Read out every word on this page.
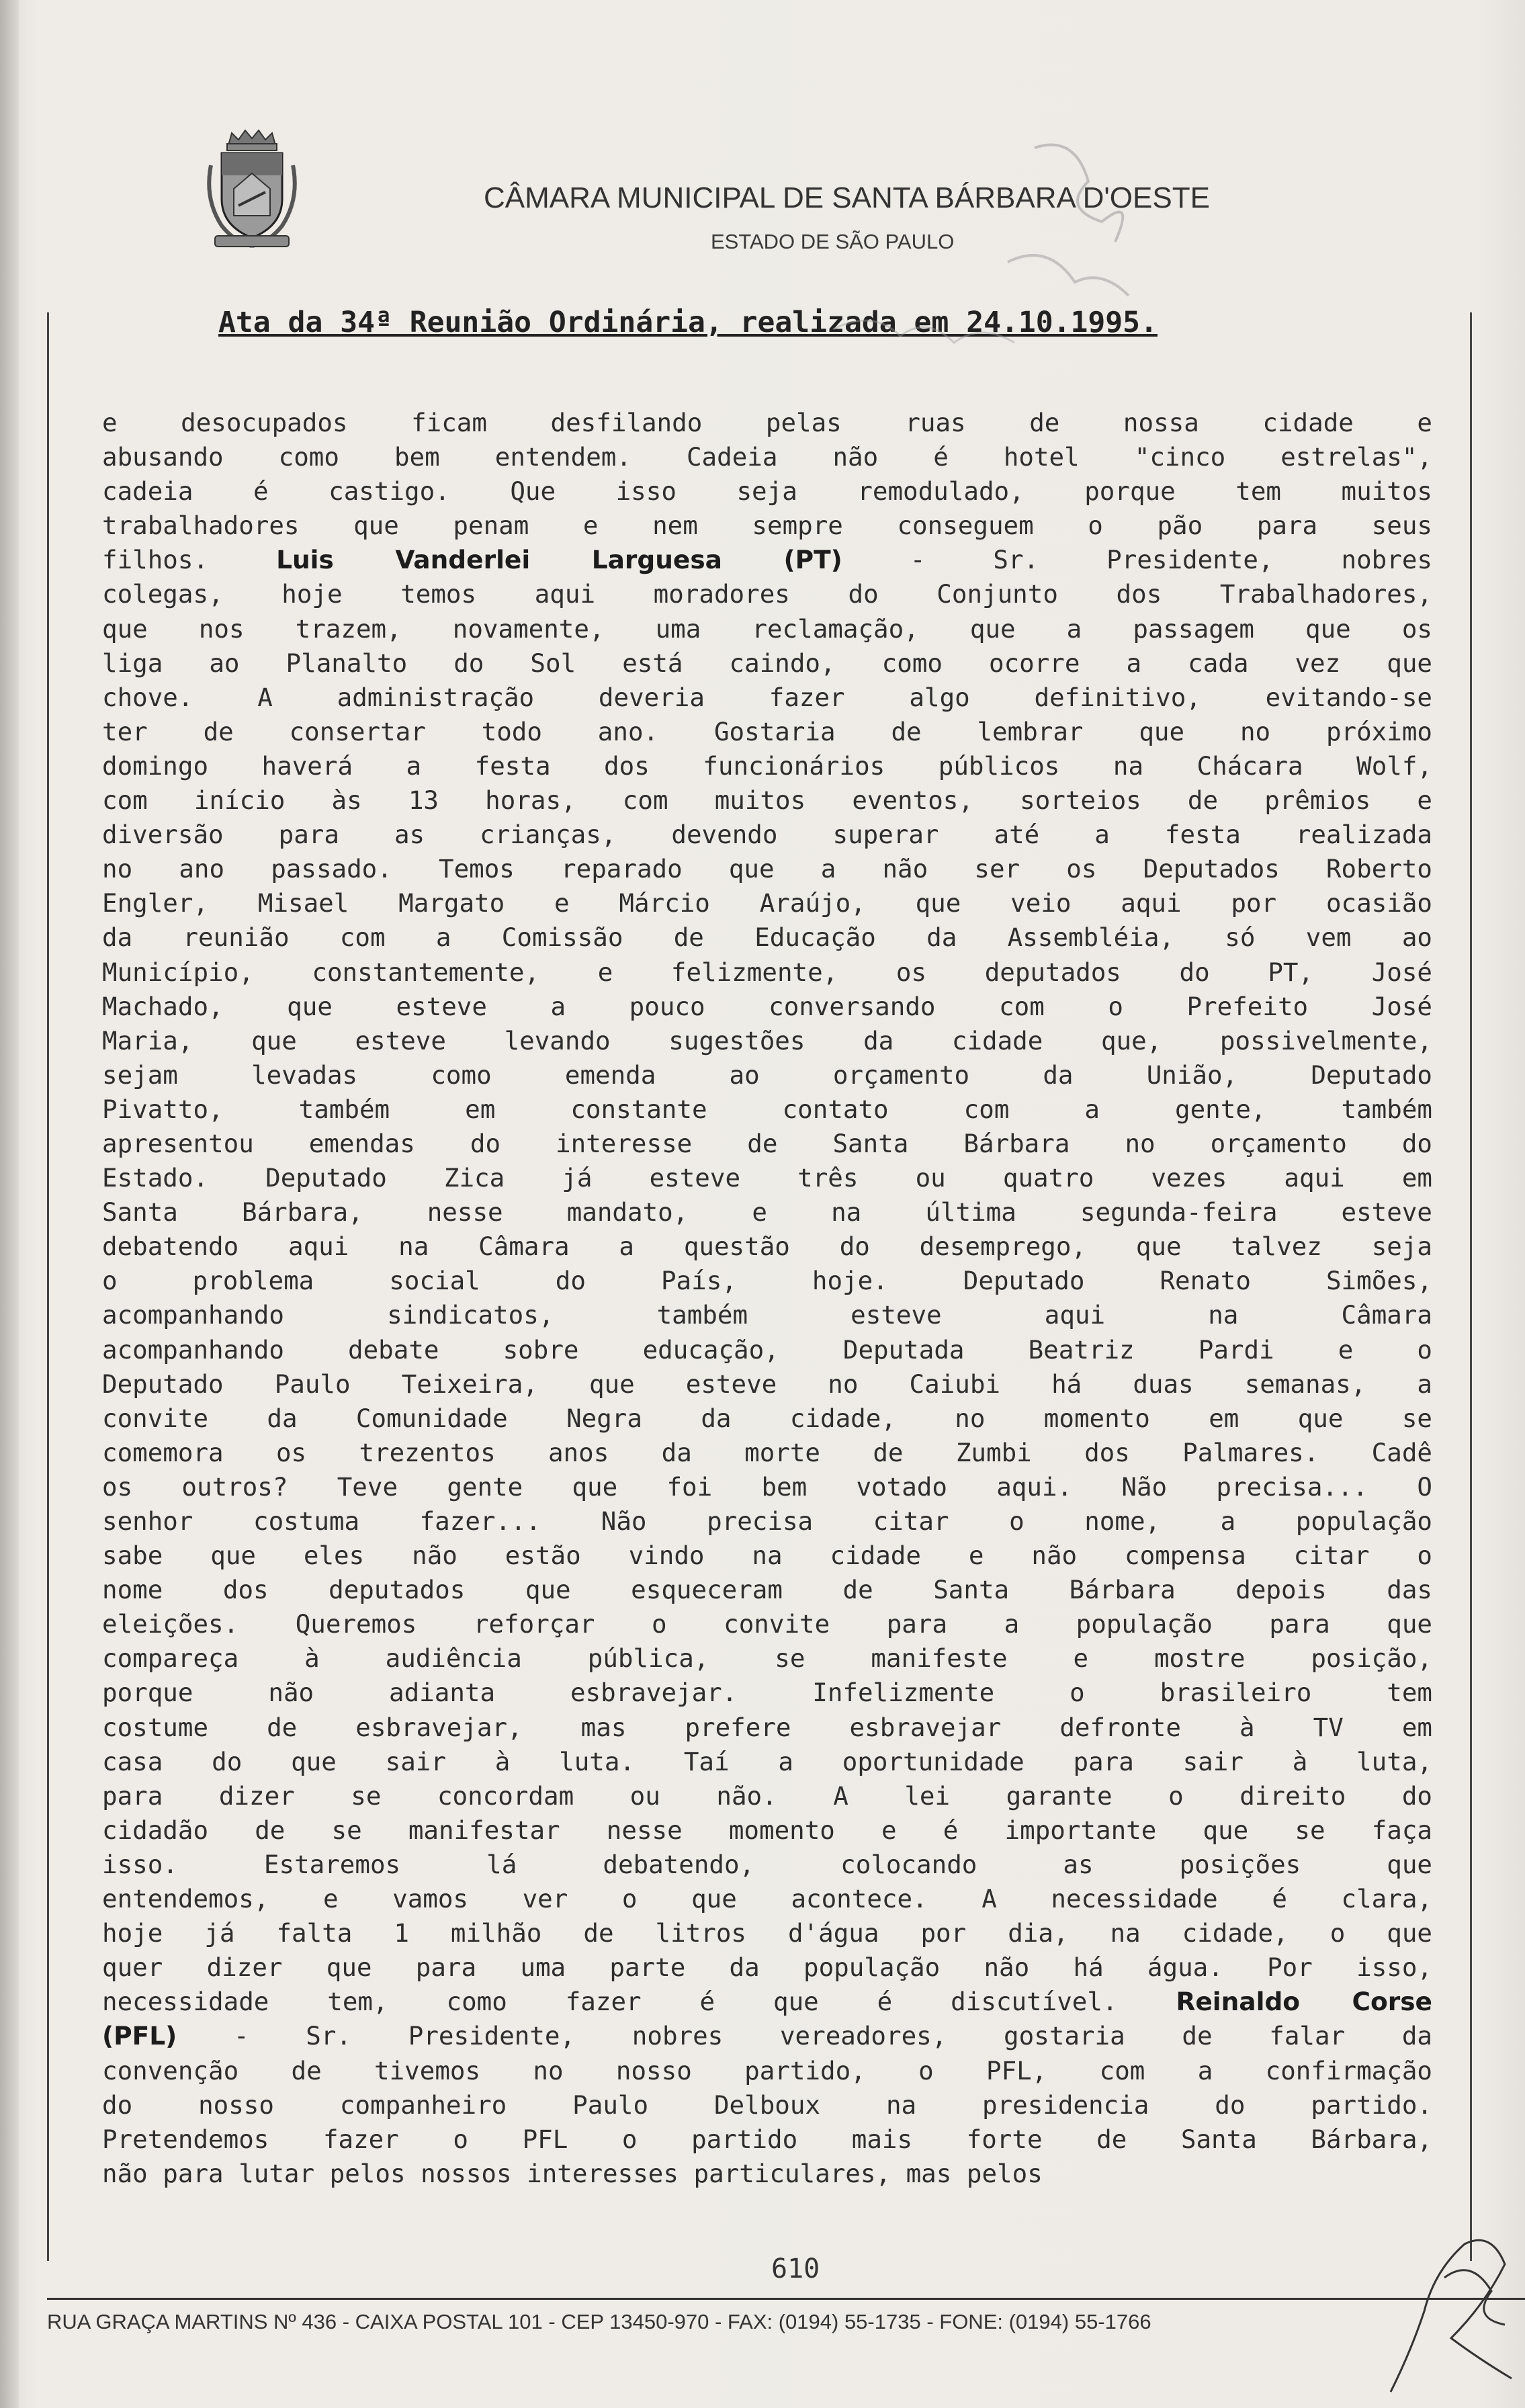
CÂMARA MUNICIPAL DE SANTA BÁRBARA D'OESTE
ESTADO DE SÃO PAULO
Ata da 34ª Reunião Ordinária, realizada em 24.10.1995.
e desocupados ficam desfilando pelas ruas de nossa cidade e
abusando como bem entendem. Cadeia não é hotel "cinco estrelas",
cadeia é castigo. Que isso seja remodulado, porque tem muitos
trabalhadores que penam e nem sempre conseguem o pão para seus
filhos. Luis Vanderlei Larguesa (PT) - Sr. Presidente, nobres
colegas, hoje temos aqui moradores do Conjunto dos Trabalhadores,
que nos trazem, novamente, uma reclamação, que a passagem que os
liga ao Planalto do Sol está caindo, como ocorre a cada vez que
chove. A administração deveria fazer algo definitivo, evitando-se
ter de consertar todo ano. Gostaria de lembrar que no próximo
domingo haverá a festa dos funcionários públicos na Chácara Wolf,
com início às 13 horas, com muitos eventos, sorteios de prêmios e
diversão para as crianças, devendo superar até a festa realizada
no ano passado. Temos reparado que a não ser os Deputados Roberto
Engler, Misael Margato e Márcio Araújo, que veio aqui por ocasião
da reunião com a Comissão de Educação da Assembléia, só vem ao
Município, constantemente, e felizmente, os deputados do PT, José
Machado, que esteve a pouco conversando com o Prefeito José
Maria, que esteve levando sugestões da cidade que, possivelmente,
sejam levadas como emenda ao orçamento da União, Deputado
Pivatto, também em constante contato com a gente, também
apresentou emendas do interesse de Santa Bárbara no orçamento do
Estado. Deputado Zica já esteve três ou quatro vezes aqui em
Santa Bárbara, nesse mandato, e na última segunda-feira esteve
debatendo aqui na Câmara a questão do desemprego, que talvez seja
o problema social do País, hoje. Deputado Renato Simões,
acompanhando sindicatos, também esteve aqui na Câmara
acompanhando debate sobre educação, Deputada Beatriz Pardi e o
Deputado Paulo Teixeira, que esteve no Caiubi há duas semanas, a
convite da Comunidade Negra da cidade, no momento em que se
comemora os trezentos anos da morte de Zumbi dos Palmares. Cadê
os outros? Teve gente que foi bem votado aqui. Não precisa... O
senhor costuma fazer... Não precisa citar o nome, a população
sabe que eles não estão vindo na cidade e não compensa citar o
nome dos deputados que esqueceram de Santa Bárbara depois das
eleições. Queremos reforçar o convite para a população para que
compareça à audiência pública, se manifeste e mostre posição,
porque não adianta esbravejar. Infelizmente o brasileiro tem
costume de esbravejar, mas prefere esbravejar defronte à TV em
casa do que sair à luta. Taí a oportunidade para sair à luta,
para dizer se concordam ou não. A lei garante o direito do
cidadão de se manifestar nesse momento e é importante que se faça
isso. Estaremos lá debatendo, colocando as posições que
entendemos, e vamos ver o que acontece. A necessidade é clara,
hoje já falta 1 milhão de litros d'água por dia, na cidade, o que
quer dizer que para uma parte da população não há água. Por isso,
necessidade tem, como fazer é que é discutível. Reinaldo Corse
(PFL) - Sr. Presidente, nobres vereadores, gostaria de falar da
convenção de tivemos no nosso partido, o PFL, com a confirmação
do nosso companheiro Paulo Delboux na presidencia do partido.
Pretendemos fazer o PFL o partido mais forte de Santa Bárbara,
não para lutar pelos nossos interesses particulares, mas pelos
610
RUA GRAÇA MARTINS Nº 436 - CAIXA POSTAL 101 - CEP 13450-970 - FAX: (0194) 55-1735 - FONE: (0194) 55-1766
